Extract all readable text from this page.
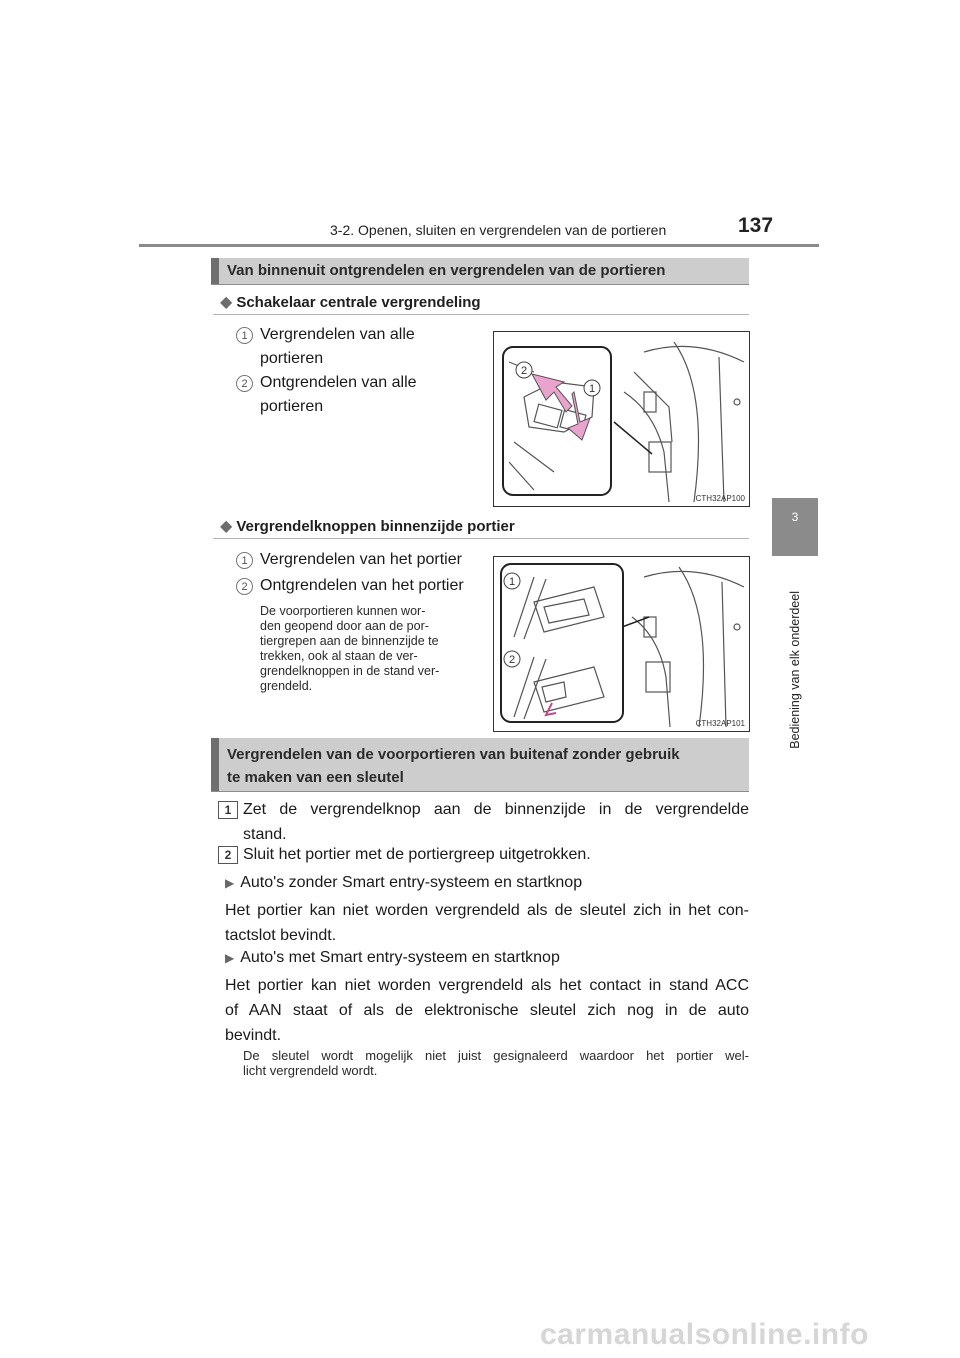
3-2. Openen, sluiten en vergrendelen van de portieren	137
3
Bediening van elk onderdeel
Van binnenuit ontgrendelen en vergrendelen van de portieren
◆ Schakelaar centrale vergrendeling
1 Vergrendelen van alle
portieren
2 Ontgrendelen van alle
portieren
2
1
CTH32AP100
◆ Vergrendelknoppen binnenzijde portier
1 Vergrendelen van het portier
2 Ontgrendelen van het portier
De voorportieren kunnen wor-
den geopend door aan de por-
tiergrepen aan de binnenzijde te
trekken, ook al staan de ver-
grendelknoppen in de stand ver-
grendeld.
1
2
CTH32AP101
Vergrendelen van de voorportieren van buitenaf zonder gebruik
te maken van een sleutel
1 Zet de vergrendelknop aan de binnenzijde in de vergrendelde
stand.
2 Sluit het portier met de portiergreep uitgetrokken.
▶ Auto's zonder Smart entry-systeem en startknop
Het portier kan niet worden vergrendeld als de sleutel zich in het con-
tactslot bevindt.
▶ Auto's met Smart entry-systeem en startknop
Het portier kan niet worden vergrendeld als het contact in stand ACC
of AAN staat of als de elektronische sleutel zich nog in de auto
bevindt.
De sleutel wordt mogelijk niet juist gesignaleerd waardoor het portier wel-
licht vergrendeld wordt.
carmanualsonline.info
